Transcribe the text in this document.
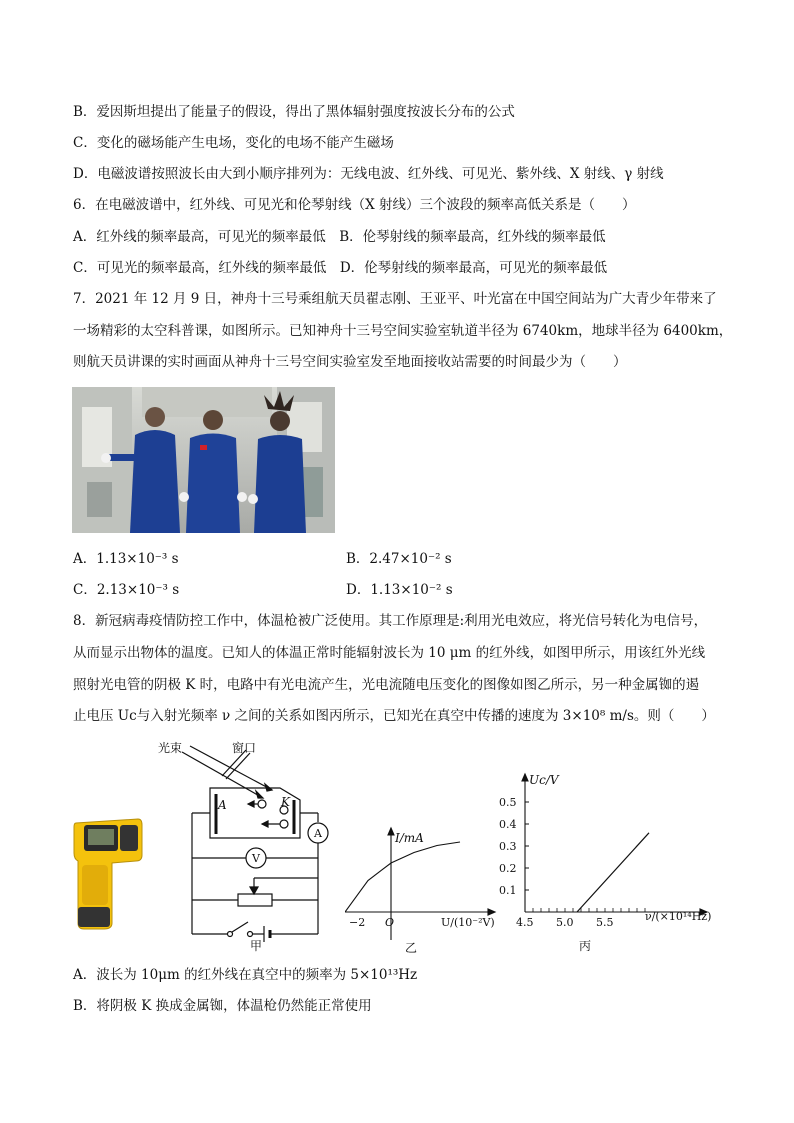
B．爱因斯坦提出了能量子的假设，得出了黑体辐射强度按波长分布的公式
C．变化的磁场能产生电场，变化的电场不能产生磁场
D．电磁波谱按照波长由大到小顺序排列为：无线电波、红外线、可见光、紫外线、X 射线、γ 射线
6．在电磁波谱中，红外线、可见光和伦琴射线（X 射线）三个波段的频率高低关系是（　　）
A．红外线的频率最高，可见光的频率最低　B．伦琴射线的频率最高，红外线的频率最低
C．可见光的频率最高，红外线的频率最低　D．伦琴射线的频率最高，可见光的频率最低
7．2021 年 12 月 9 日，神舟十三号乘组航天员翟志刚、王亚平、叶光富在中国空间站为广大青少年带来了
一场精彩的太空科普课，如图所示。已知神舟十三号空间实验室轨道半径为 6740km，地球半径为 6400km，
则航天员讲课的实时画面从神舟十三号空间实验室发至地面接收站需要的时间最少为（　　）
A．1.13×10⁻³ s	B．2.47×10⁻² s
C．2.13×10⁻³ s	D．1.13×10⁻² s
8．新冠病毒疫情防控工作中，体温枪被广泛使用。其工作原理是:利用光电效应，将光信号转化为电信号，
从而显示出物体的温度。已知人的体温正常时能辐射波长为 10 μm 的红外线，如图甲所示，用该红外光线
照射光电管的阴极 K 时，电路中有光电流产生，光电流随电压变化的图像如图乙所示，另一种金属铷的遏
止电压 Uc与入射光频率 ν 之间的关系如图丙所示，已知光在真空中传播的速度为 3×10⁸ m/s。则（　　）
光束	窗口
A	K
A
V
甲
I/mA
−2 O	U/(10⁻²V)
乙
0.1
0.2
0.3
0.4
0.5
4.5 5.0 5.5
Uc/V
ν/(×10¹⁴Hz)
丙
A．波长为 10μm 的红外线在真空中的频率为 5×10¹³Hz
B．将阴极 K 换成金属铷，体温枪仍然能正常使用
